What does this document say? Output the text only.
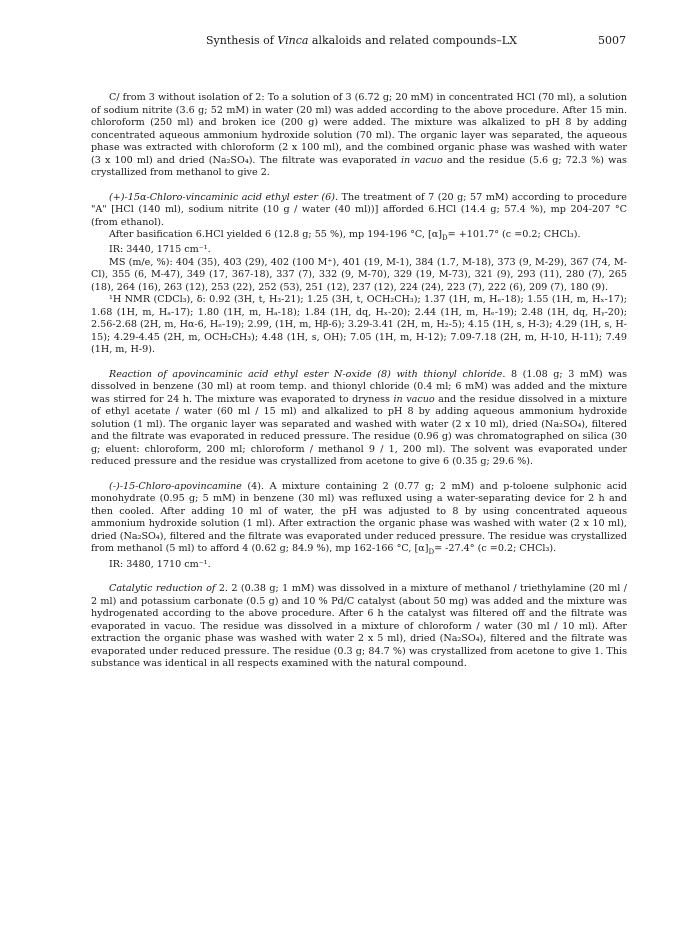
Synthesis of Vinca alkaloids and related compounds–LX	5007

C/ from 3 without isolation of 2: To a solution of 3 (6.72 g; 20 mM) in concentrated HCl (70 ml), a solution of sodium nitrite (3.6 g; 52 mM) in water (20 ml) was added according to the above procedure. After 15 min. chloroform (250 ml) and broken ice (200 g) were added. The mixture was alkalized to pH 8 by adding concentrated aqueous ammonium hydroxide solution (70 ml). The organic layer was separated, the aqueous phase was extracted with chloroform (2 x 100 ml), and the combined organic phase was washed with water (3 x 100 ml) and dried (Na₂SO₄). The filtrate was evaporated in vacuo and the residue (5.6 g; 72.3 %) was crystallized from methanol to give 2.

(+)-15α-Chloro-vincaminic acid ethyl ester (6). The treatment of 7 (20 g; 57 mM) according to procedure "A" [HCl (140 ml), sodium nitrite (10 g / water (40 ml))] afforded 6.HCl (14.4 g; 57.4 %), mp 204-207 °C (from ethanol).

After basification 6.HCl yielded 6 (12.8 g; 55 %), mp 194-196 °C, $[\alpha]_D= +101.7^\circ$ (c =0.2; CHCl₃).

IR: 3440, 1715 cm⁻¹.

MS (m/e, %): 404 (35), 403 (29), 402 (100 M⁺), 401 (19, M-1), 384 (1.7, M-18), 373 (9, M-29), 367 (74, M-Cl), 355 (6, M-47), 349 (17, 367-18), 337 (7), 332 (9, M-70), 329 (19, M-73), 321 (9), 293 (11), 280 (7), 265 (18), 264 (16), 263 (12), 253 (22), 252 (53), 251 (12), 237 (12), 224 (24), 223 (7), 222 (6), 209 (7), 180 (9).

¹H NMR (CDCl₃), δ: 0.92 (3H, t, H₃-21); 1.25 (3H, t, OCH₂CH₃); 1.37 (1H, m, Hₑ-18); 1.55 (1H, m, Hₓ-17); 1.68 (1H, m, Hₐ-17); 1.80 (1H, m, Hₐ-18); 1.84 (1H, dq, Hₓ-20); 2.44 (1H, m, Hₑ-19); 2.48 (1H, dq, Hᵧ-20); 2.56-2.68 (2H, m, Hα-6, Hₑ-19); 2.99, (1H, m, Hβ-6); 3.29-3.41 (2H, m, H₂-5); 4.15 (1H, s, H-3); 4.29 (1H, s, H-15); 4.29-4.45 (2H, m, OCH₂CH₃); 4.48 (1H, s, OH); 7.05 (1H, m, H-12); 7.09-7.18 (2H, m, H-10, H-11); 7.49 (1H, m, H-9).

Reaction of apovincaminic acid ethyl ester N-oxide (8) with thionyl chloride. 8 (1.08 g; 3 mM) was dissolved in benzene (30 ml) at room temp. and thionyl chloride (0.4 ml; 6 mM) was added and the mixture was stirred for 24 h. The mixture was evaporated to dryness in vacuo and the residue dissolved in a mixture of ethyl acetate / water (60 ml / 15 ml) and alkalized to pH 8 by adding aqueous ammonium hydroxide solution (1 ml). The organic layer was separated and washed with water (2 x 10 ml), dried (Na₂SO₄), filtered and the filtrate was evaporated in reduced pressure. The residue (0.96 g) was chromatographed on silica (30 g; eluent: chloroform, 200 ml; chloroform / methanol 9 / 1, 200 ml). The solvent was evaporated under reduced pressure and the residue was crystallized from acetone to give 6 (0.35 g; 29.6 %).

(-)-15-Chloro-apovincamine (4). A mixture containing 2 (0.77 g; 2 mM) and p-toloene sulphonic acid monohydrate (0.95 g; 5 mM) in benzene (30 ml) was refluxed using a water-separating device for 2 h and then cooled. After adding 10 ml of water, the pH was adjusted to 8 by using concentrated aqueous ammonium hydroxide solution (1 ml). After extraction the organic phase was washed with water (2 x 10 ml), dried (Na₂SO₄), filtered and the filtrate was evaporated under reduced pressure. The residue was crystallized from methanol (5 ml) to afford 4 (0.62 g; 84.9 %), mp 162-166 °C, $[\alpha]_D= -27.4^\circ$ (c =0.2; CHCl₃).

IR: 3480, 1710 cm⁻¹.

Catalytic reduction of 2. 2 (0.38 g; 1 mM) was dissolved in a mixture of methanol / triethylamine (20 ml / 2 ml) and potassium carbonate (0.5 g) and 10 % Pd/C catalyst (about 50 mg) was added and the mixture was hydrogenated according to the above procedure. After 6 h the catalyst was filtered off and the filtrate was evaporated in vacuo. The residue was dissolved in a mixture of chloroform / water (30 ml / 10 ml). After extraction the organic phase was washed with water 2 x 5 ml), dried (Na₂SO₄), filtered and the filtrate was evaporated under reduced pressure. The residue (0.3 g; 84.7 %) was crystallized from acetone to give 1. This substance was identical in all respects examined with the natural compound.
